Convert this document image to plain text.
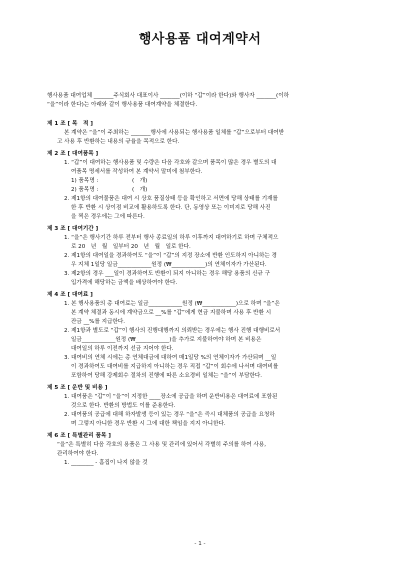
행사용품 대여계약서

행사용품 대여업체 _______주식회사 대표이사 _______(이하 “갑”이라 한다)와 행사자 _______(이하

“을”이라 한다)는 아래와 같이 행사용품 대여계약을 체결한다.

제 1 조 [ 목　적 ]

본 계약은 “을”이 주최하는 _______행사에 사용되는 행사용품 일체를 “갑”으로부터 대여받

고 사용 후 반환하는 내용의 규율을 목적으로 한다.

제 2 조 [ 대여품목 ]

1. “갑”이 대여하는 행사용품 및 수량은 다음 각호와 같으며 품목이 많은 경우 별도의 대

여품목 명세서를 작성하여 본 계약서 말미에 첨부한다.

1) 품목명 :　　　　　　(　개)

2) 품목명 :　　　　　　(　개)

2. 제1항의 대여물품은 대여 시 상호 품질상태 등을 확인하고 서면에 당해 상태를 기재를

한 후 반환 시 상이점 비교에 활용하도록 한다. 단, 동영상 또는 이미지로 당해 사진

을 찍은 경우에는 그에 따른다.

제 3 조 [ 대여기간 ]

1. “을”은 행사기간 하루 전부터 행사 종료일의 하루 이후까지 대여하기로 하며 구체적으

로 20　년　월　일부터 20　년　월　일로 한다.

2. 제1항의 대여일을 경과하여도 “을”이 “갑”의 지정 장소에 반환 인도하지 아니하는 경

우 지체 1일당 일금____________원정 (₩____________)의 연체이자가 가산된다.

3. 제2항의 경우 ___일이 경과하여도 반환이 되지 아니하는 경우 해당 용품의 신규 구

입가격에 해당하는 금액을 배상하여야 한다.

제 4 조 [ 대여료 ]

1. 본 행사용품의 총 대여료는 일금____________원정 (₩____________)으로 하며 “을”은

본 계약 체결과 동시에 계약금으로 __%를 “갑”에게 현금 지불하며 사용 후 반환 시

잔금 __%를 지급한다.

2. 제1항과 별도로 “갑”이 행사의 진행대행까지 의뢰받는 경우에는 행사 진행 대행비로서

일금____________원정 (₩____________)을 추가로 지불하여야 하며 본 비용은

대여일의 하루 이전까지 선금 지어야 한다.

3. 대여비의 연체 시에는 총 연체대금에 대하여 매1일당 %의 연체이자가 가산되며 __일

이 경과하여도 대여비를 지급하지 아니하는 경우 직접 “갑”이 회수에 나서며 대여비를

포함하여 당해 강제회수 절차의 진행에 따른 소요경비 일체는 “을”이 부담한다.

제 5 조 [ 운반 및 비용 ]

1. 대여품은 “갑”이 “을”이 지정한 ____장소에 공급을 하며 운반비용은 대여료에 포함된

것으로 한다. 반환의 방법도 이를 준용한다.

2. 대여품의 공급에 대해 하자발생 등이 있는 경우 “을”은 즉시 대체품의 공급을 요청하

며 그렇지 아니한 경우 반환 시 그에 대한 책임을 지지 아니한다.

제 6 조 [ 특별관리 품목 ]

“을”은 특별히 다음 각호의 용품은 그 사용 및 관리에 있어서 각별히 주의를 하여 사용,

관리하여야 한다.

1. ________ - 흠집이 나지 않을 것

- 1 -
